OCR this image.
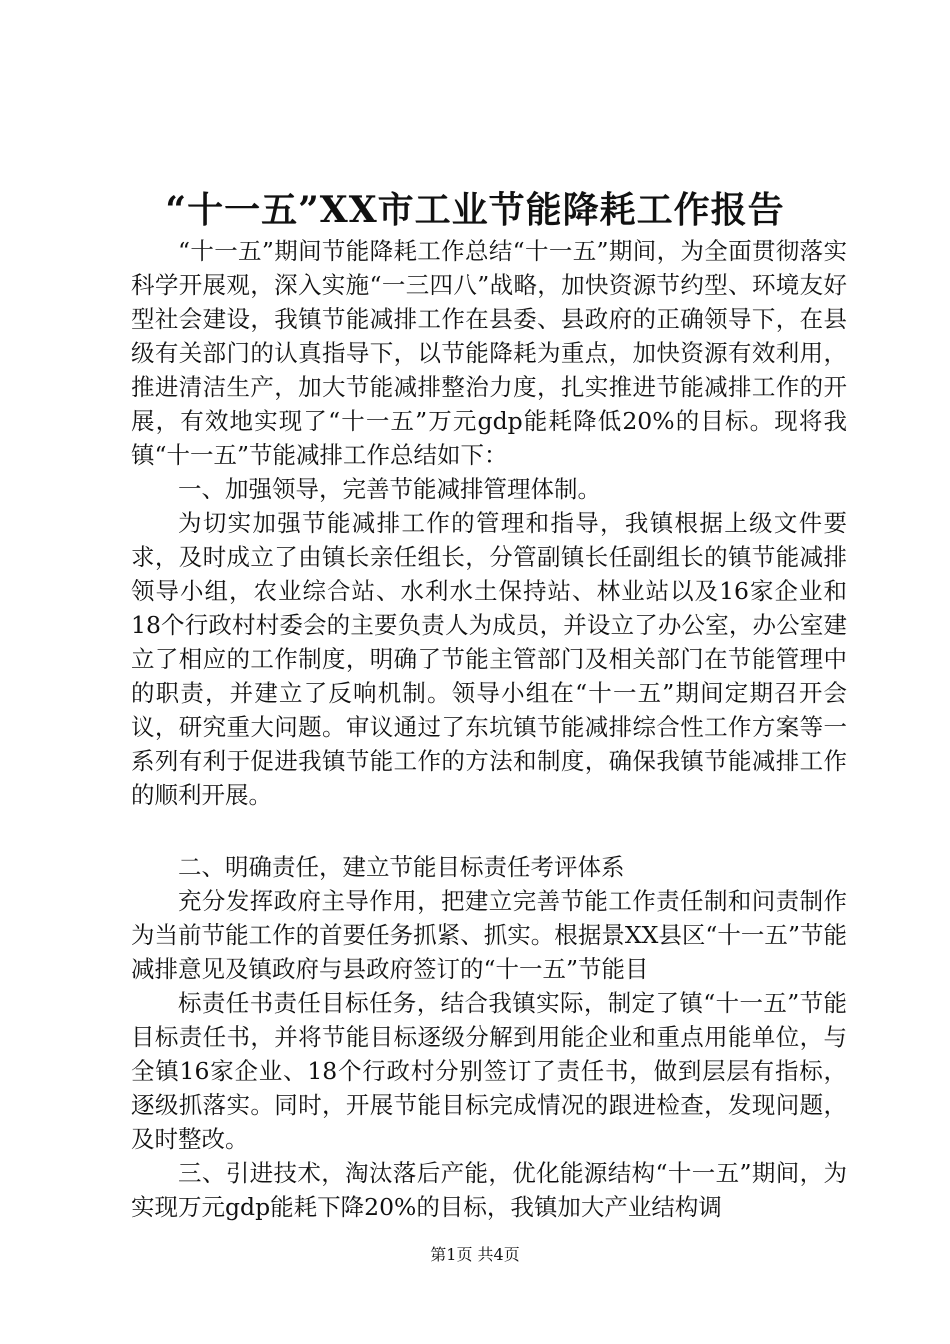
“十一五”XX市工业节能降耗工作报告

“十一五”期间节能降耗工作总结“十一五”期间，为全面贯彻落实科学开展观，深入实施“一三四八”战略，加快资源节约型、环境友好型社会建设，我镇节能减排工作在县委、县政府的正确领导下，在县级有关部门的认真指导下，以节能降耗为重点，加快资源有效利用，推进清洁生产，加大节能减排整治力度，扎实推进节能减排工作的开展，有效地实现了“十一五”万元gdp能耗降低20%的目标。现将我镇“十一五”节能减排工作总结如下：

一、加强领导，完善节能减排管理体制。

为切实加强节能减排工作的管理和指导，我镇根据上级文件要求，及时成立了由镇长亲任组长，分管副镇长任副组长的镇节能减排领导小组，农业综合站、水利水土保持站、林业站以及16家企业和18个行政村村委会的主要负责人为成员，并设立了办公室，办公室建立了相应的工作制度，明确了节能主管部门及相关部门在节能管理中的职责，并建立了反响机制。领导小组在“十一五”期间定期召开会议，研究重大问题。审议通过了东坑镇节能减排综合性工作方案等一系列有利于促进我镇节能工作的方法和制度，确保我镇节能减排工作的顺利开展。

二、明确责任，建立节能目标责任考评体系

充分发挥政府主导作用，把建立完善节能工作责任制和问责制作为当前节能工作的首要任务抓紧、抓实。根据景XX县区“十一五”节能减排意见及镇政府与县政府签订的“十一五”节能目

标责任书责任目标任务，结合我镇实际，制定了镇“十一五”节能目标责任书，并将节能目标逐级分解到用能企业和重点用能单位，与全镇16家企业、18个行政村分别签订了责任书，做到层层有指标，逐级抓落实。同时，开展节能目标完成情况的跟进检查，发现问题，及时整改。

三、引进技术，淘汰落后产能，优化能源结构“十一五”期间，为实现万元gdp能耗下降20%的目标，我镇加大产业结构调

第1页 共4页
